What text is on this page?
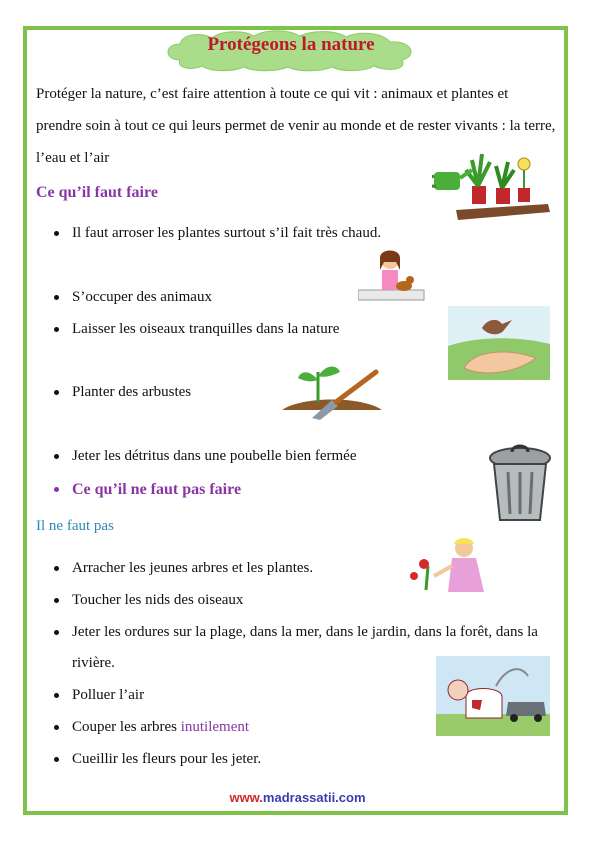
Protégeons la nature

Protéger la nature, c’est faire attention à toute ce qui vit : animaux et plantes et prendre soin à tout ce qui leurs permet de venir au monde et de rester vivants : la terre, l’eau et l’air

Ce qu’il faut faire

Il faut arroser les plantes surtout s’il fait très chaud.

S’occuper des animaux

Laisser les oiseaux tranquilles dans la nature

Planter des arbustes

Jeter les détritus dans une poubelle bien fermée

Ce qu’il ne faut pas faire

Il ne faut pas

Arracher les jeunes arbres et les plantes.

Toucher les nids des oiseaux

Jeter les ordures sur la plage, dans la mer, dans le jardin, dans la forêt, dans la rivière.

Polluer l’air

Couper les arbres inutilement

Cueillir les fleurs pour les jeter.

www.madrassatii.com
